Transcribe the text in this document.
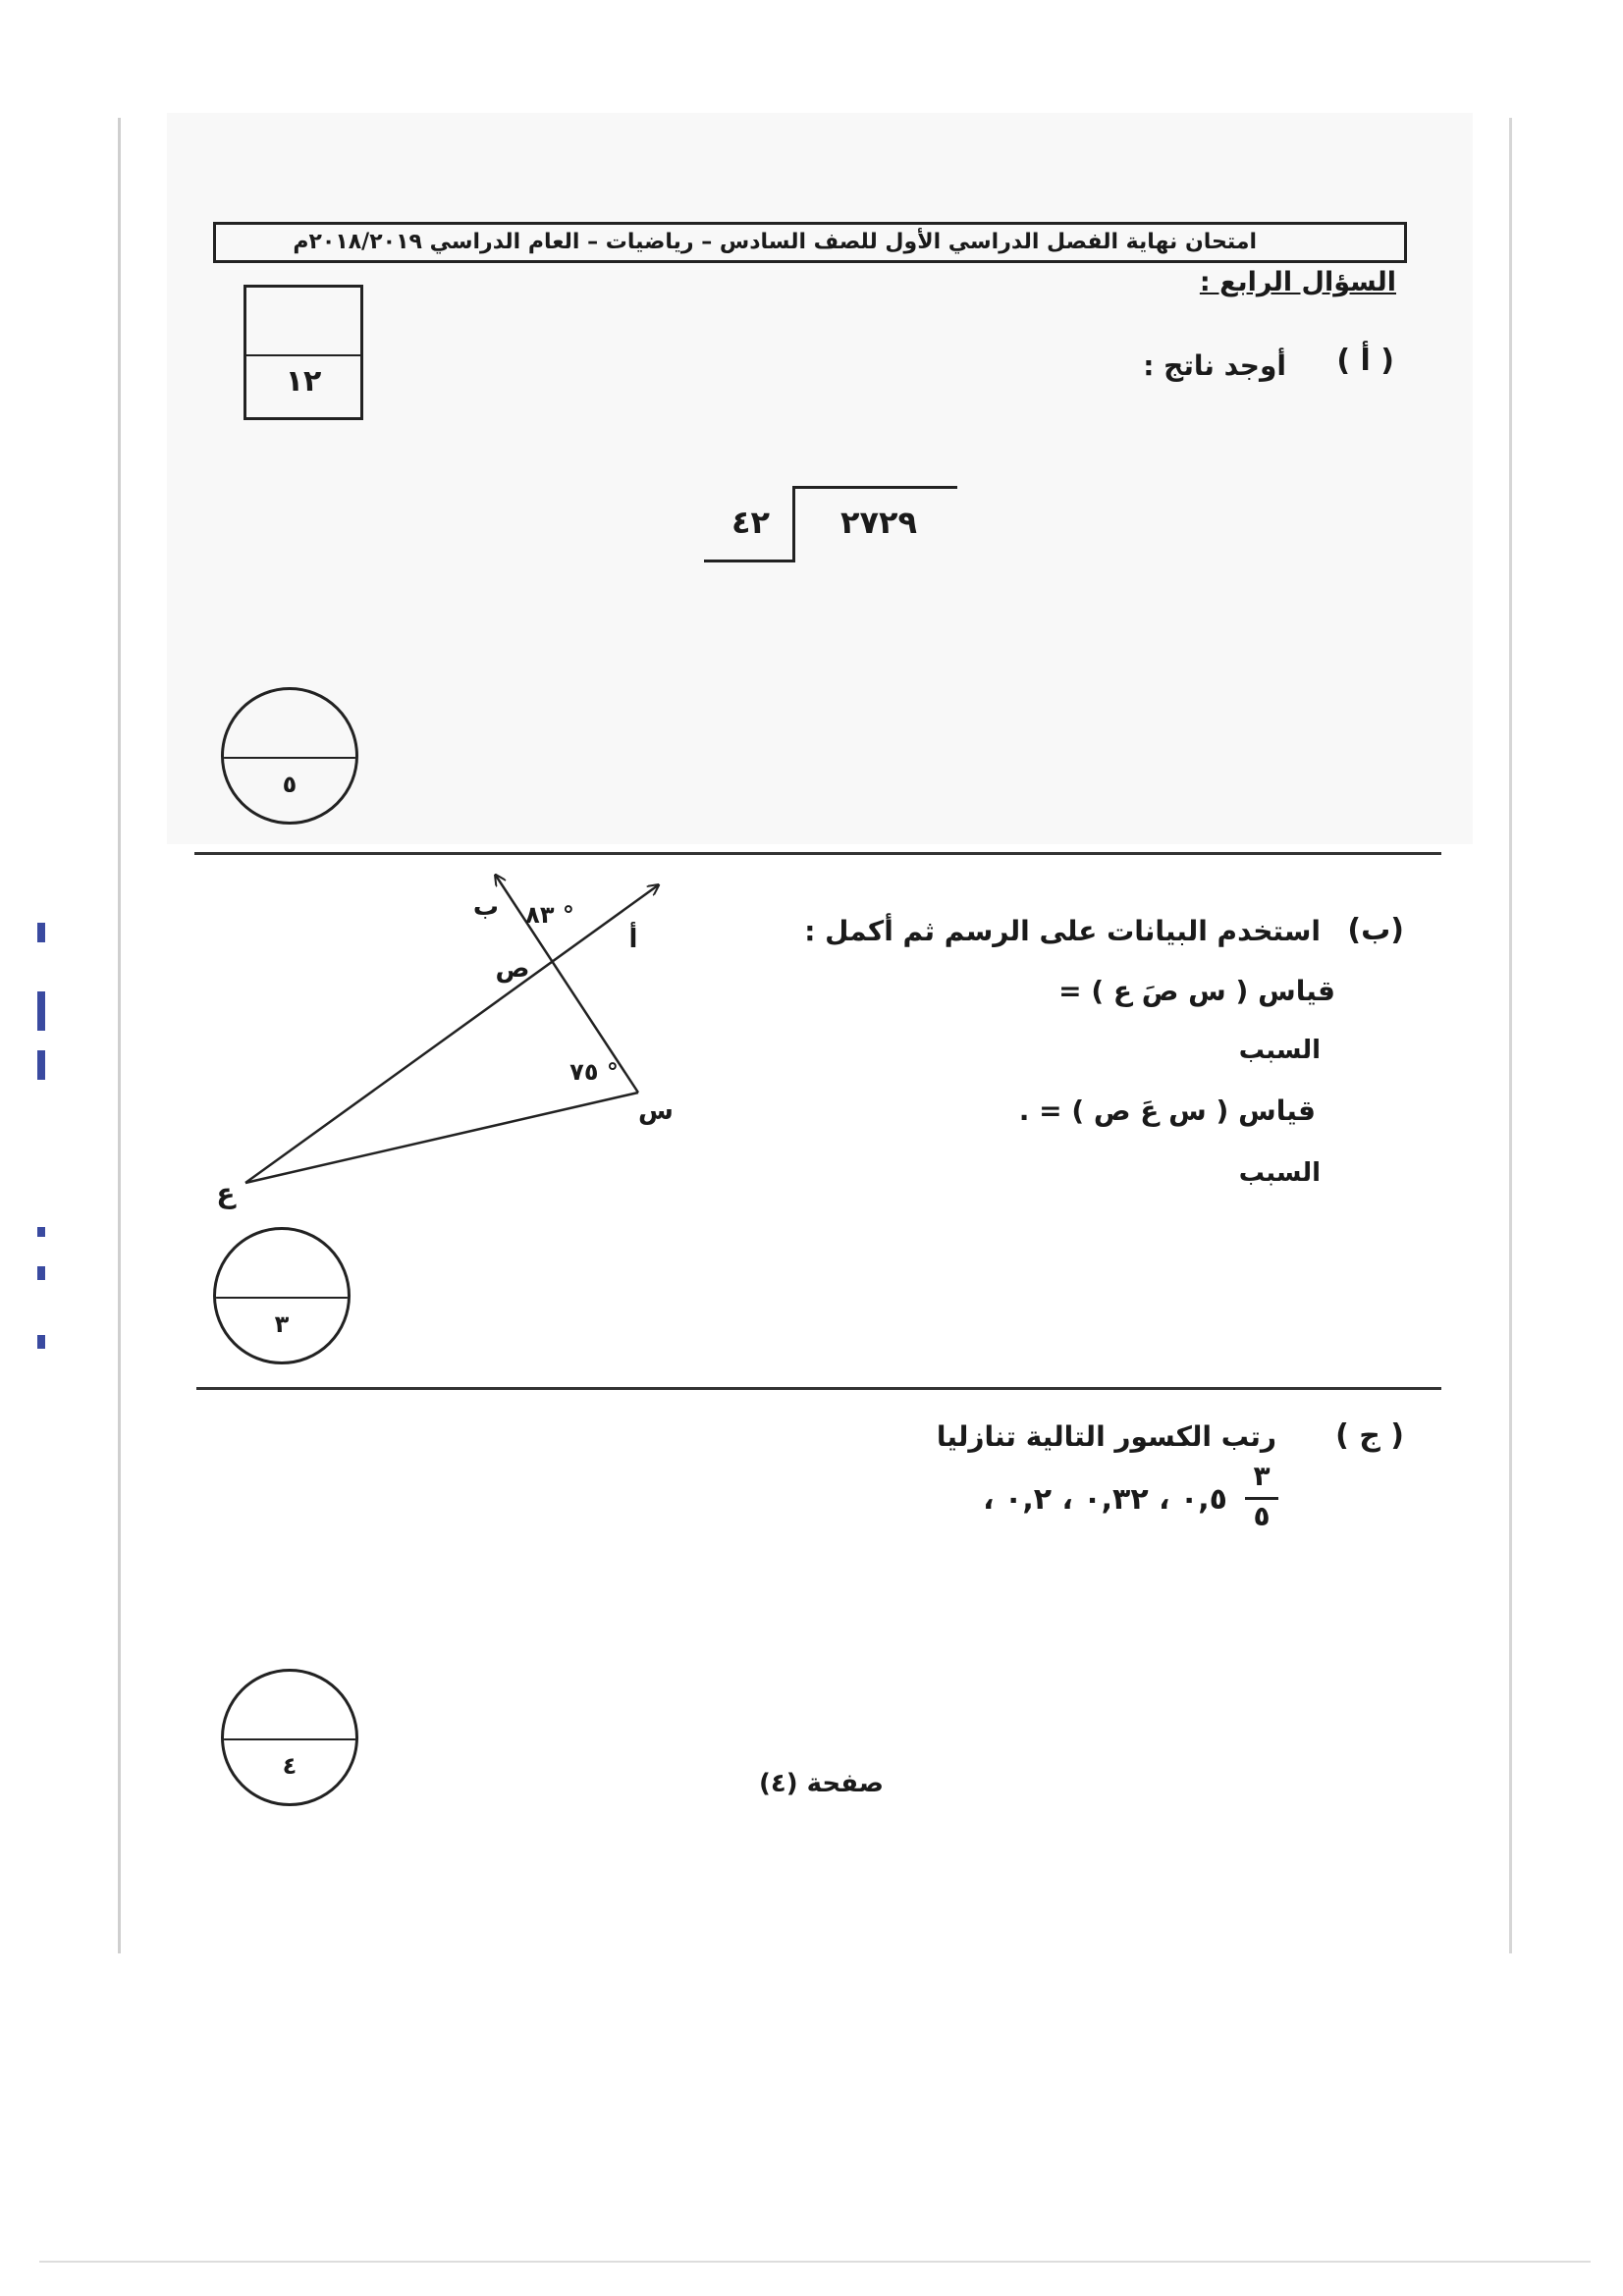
امتحان نهاية الفصل الدراسي الأول للصف السادس – رياضيات – العام الدراسي ٢٠١٨/٢٠١٩م
السؤال الرابع :
١٢
( أ )
أوجد ناتج :
٢٧٢٩
٤٢
٥
(ب)
استخدم البيانات على الرسم ثم أكمل :
قياس ( س صَ ع ) =
السبب
قياس ( س عَ ص ) = .
السبب
ب ٨٣ °
أ
ص
٧٥ °
س
ع
٣
( ج )
رتب الكسور التالية تنازليا
٣
٥
٠,٥ ، ٠,٣٢ ، ٠,٢ ،
٤
صفحة (٤)
